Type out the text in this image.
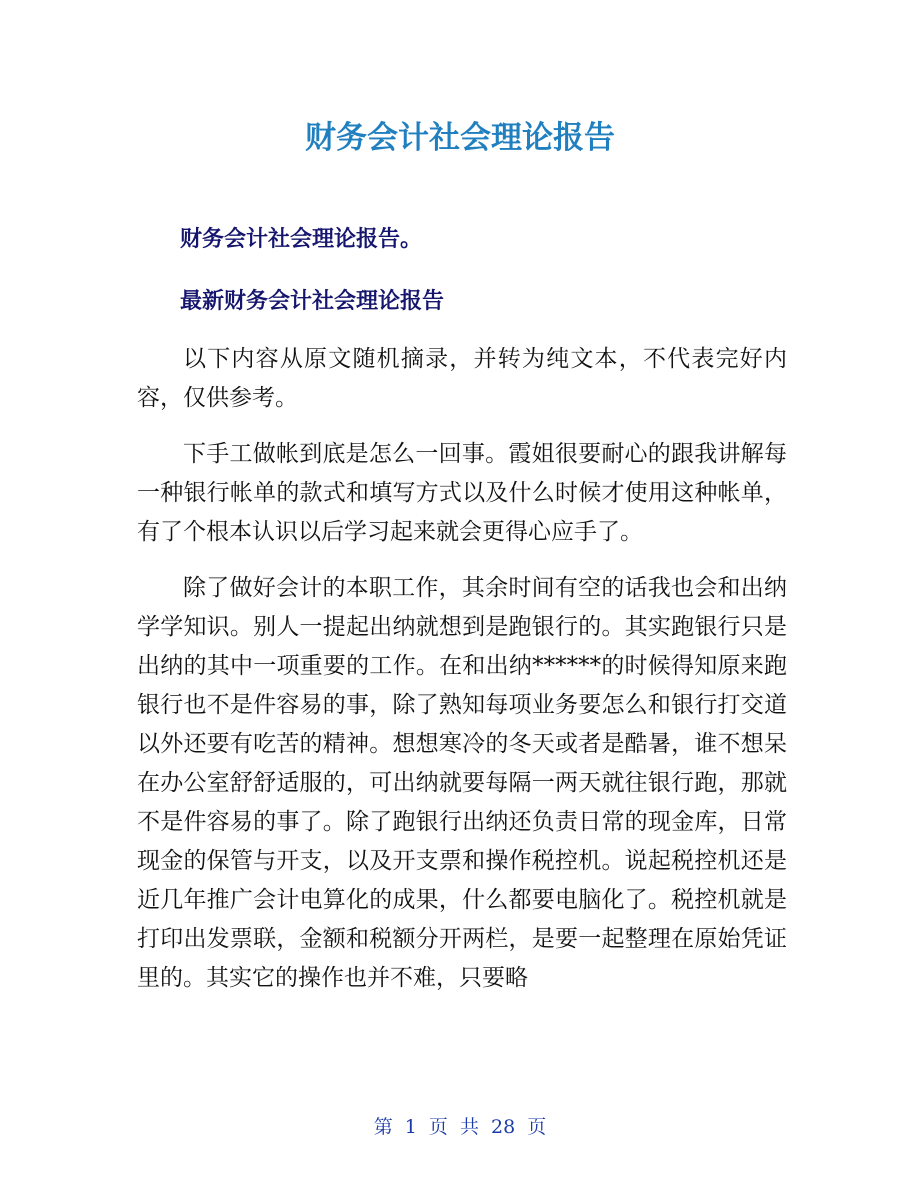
财务会计社会理论报告
财务会计社会理论报告。
最新财务会计社会理论报告

以下内容从原文随机摘录，并转为纯文本，不代表完好内容，仅供参考。

下手工做帐到底是怎么一回事。霞姐很要耐心的跟我讲解每一种银行帐单的款式和填写方式以及什么时候才使用这种帐单，有了个根本认识以后学习起来就会更得心应手了。

除了做好会计的本职工作，其余时间有空的话我也会和出纳学学知识。别人一提起出纳就想到是跑银行的。其实跑银行只是出纳的其中一项重要的工作。在和出纳******的时候得知原来跑银行也不是件容易的事，除了熟知每项业务要怎么和银行打交道以外还要有吃苦的精神。想想寒冷的冬天或者是酷暑，谁不想呆在办公室舒舒适服的，可出纳就要每隔一两天就往银行跑，那就不是件容易的事了。除了跑银行出纳还负责日常的现金库，日常现金的保管与开支，以及开支票和操作税控机。说起税控机还是近几年推广会计电算化的成果，什么都要电脑化了。税控机就是打印出发票联，金额和税额分开两栏，是要一起整理在原始凭证里的。其实它的操作也并不难，只要略

第 1 页 共 28 页
